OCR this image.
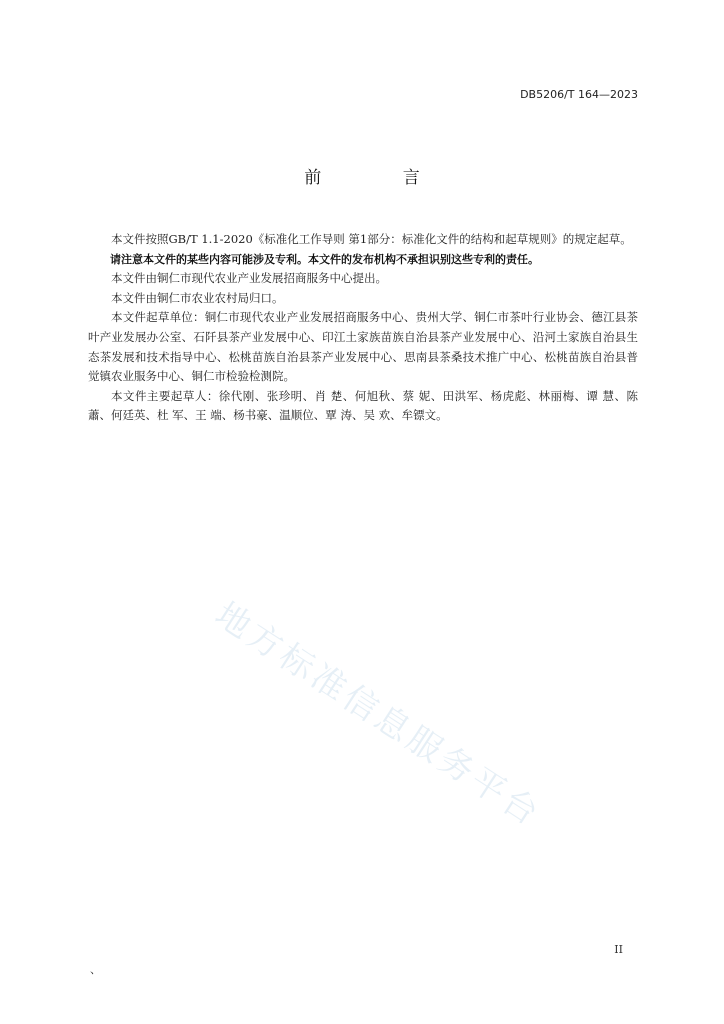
DB5206/T 164—2023
前 言

本文件按照GB/T 1.1-2020《标准化工作导则 第1部分：标准化文件的结构和起草规则》的规定起草。

请注意本文件的某些内容可能涉及专利。本文件的发布机构不承担识别这些专利的责任。

本文件由铜仁市现代农业产业发展招商服务中心提出。

本文件由铜仁市农业农村局归口。

本文件起草单位：铜仁市现代农业产业发展招商服务中心、贵州大学、铜仁市茶叶行业协会、德江县茶叶产业发展办公室、石阡县茶产业发展中心、印江土家族苗族自治县茶产业发展中心、沿河土家族自治县生态茶发展和技术指导中心、松桃苗族自治县茶产业发展中心、思南县茶桑技术推广中心、松桃苗族自治县普觉镇农业服务中心、铜仁市检验检测院。

本文件主要起草人：徐代刚、张珍明、肖 楚、何旭秋、蔡 妮、田洪军、杨虎彪、林丽梅、谭 慧、陈 蕭、何廷英、杜 军、王 端、杨书豪、温顺位、覃 涛、吴 欢、牟镖文。

地方标准信息服务平台
II
、
